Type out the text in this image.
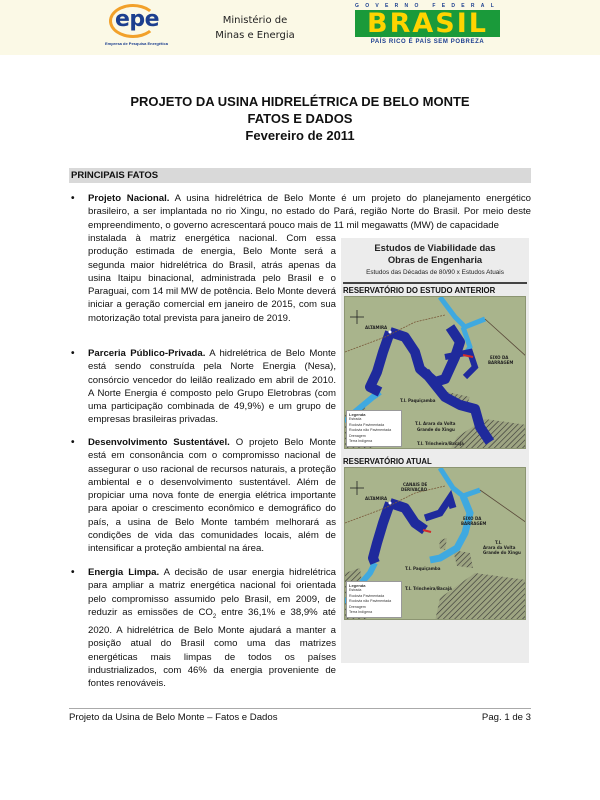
epe
Empresa de Pesquisa Energética
Ministério de
Minas e Energia
GOVERNO FEDERAL
BRASIL
PAÍS RICO É PAÍS SEM POBREZA
PROJETO DA USINA HIDRELÉTRICA DE BELO MONTE
FATOS E DADOS
Fevereiro de 2011
PRINCIPAIS FATOS
• Projeto Nacional. A usina hidrelétrica de Belo Monte é um projeto do planejamento energético brasileiro, a ser implantada no rio Xingu, no estado do Pará, região Norte do Brasil. Por meio deste empreendimento, o governo acrescentará pouco mais de 11 mil megawatts (MW) de capacidade
instalada à matriz energética nacional. Com essa produção estimada de energia, Belo Monte será a segunda maior hidrelétrica do Brasil, atrás apenas da usina Itaipu binacional, administrada pelo Brasil e o Paraguai, com 14 mil MW de potência. Belo Monte deverá iniciar a geração comercial em janeiro de 2015, com sua motorização total prevista para janeiro de 2019.
• Parceria Público-Privada. A hidrelétrica de Belo Monte está sendo construída pela Norte Energia (Nesa), consórcio vencedor do leilão realizado em abril de 2010. A Norte Energia é composto pelo Grupo Eletrobras (com uma participação combinada de 49,9%) e um grupo de empresas brasileiras privadas.
• Desenvolvimento Sustentável. O projeto Belo Monte está em consonância com o compromisso nacional de assegurar o uso racional de recursos naturais, a proteção ambiental e o desenvolvimento sustentável. Além de propiciar uma nova fonte de energia elétrica importante para apoiar o crescimento econômico e demográfico do país, a usina de Belo Monte também melhorará as condições de vida das comunidades locais, além de intensificar a proteção ambiental na área.
• Energia Limpa. A decisão de usar energia hidrelétrica para ampliar a matriz energética nacional foi orientada pelo compromisso assumido pelo Brasil, em 2009, de reduzir as emissões de $CO_2$ entre 36,1% e 38,9% até 2020. A hidrelétrica de Belo Monte ajudará a manter a posição atual do Brasil como uma das matrizes energéticas mais limpas de todos os países industrializados, com 46% da energia proveniente de fontes renováveis.
Estudos de Viabilidade das
Obras de Engenharia
Estudos das Décadas de 80/90 x Estudos Atuais
RESERVATÓRIO DO ESTUDO ANTERIOR
ALTAMIRA
EIXO DA
BARRAGEM
T.I. Paquiçamba
T.I. Arara da Volta
Grande do Xingu
T.I. Trincheira/Bacajá
Legenda
Estrada
Rodovia Pavimentada
Rodovia não Pavimentada
Drenagem
Terra Indígena
RESERVATÓRIO ATUAL
ALTAMIRA
CANAIS DE
DERIVAÇÃO
EIXO DA
BARRAGEM
T.I.
Arara da Volta
Grande do Xingu
T.I. Paquiçamba
T.I. Trincheira/Bacajá
Legenda
Estrada
Rodovia Pavimentada
Rodovia não Pavimentada
Drenagem
Terra Indígena
Projeto da Usina de Belo Monte – Fatos e Dados	Pag. 1 de 3
